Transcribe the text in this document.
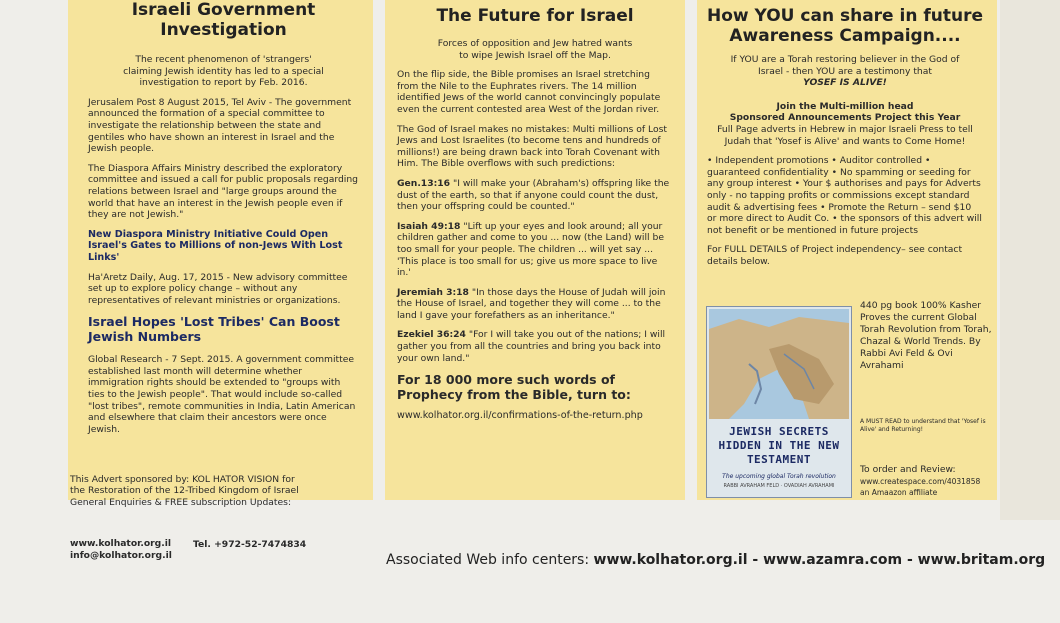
Israeli Government Investigation

The recent phenomenon of 'strangers' claiming Jewish identity has led to a special investigation to report by Feb. 2016.

Jerusalem Post 8 August 2015, Tel Aviv - The government announced the formation of a special committee to investigate the relationship between the state and gentiles who have shown an interest in Israel and the Jewish people.

The Diaspora Affairs Ministry described the exploratory committee and issued a call for public proposals regarding relations between Israel and "large groups around the world that have an interest in the Jewish people even if they are not Jewish."

New Diaspora Ministry Initiative Could Open Israel's Gates to Millions of non-Jews With Lost Links'

Ha'Aretz Daily, Aug. 17, 2015 - New advisory committee set up to explore policy change – without any representatives of relevant ministries or organizations.

Israel Hopes 'Lost Tribes' Can Boost Jewish Numbers

Global Research - 7 Sept. 2015. A government committee established last month will determine whether immigration rights should be extended to "groups with ties to the Jewish people". That would include so-called "lost tribes", remote communities in India, Latin American and elsewhere that claim their ancestors were once Jewish.

This Advert sponsored by: KOL HATOR VISION for the Restoration of the 12-Tribed Kingdom of Israel General Enquiries & FREE subscription Updates:
www.kolhator.org.il
info@kolhator.org.il
Tel. +972-52-7474834
Associated Web info centers: www.kolhator.org.il - www.azamra.com - www.britam.org
The Future for Israel

Forces of opposition and Jew hatred wants to wipe Jewish Israel off the Map.

On the flip side, the Bible promises an Israel stretching from the Nile to the Euphrates rivers. The 14 million identified Jews of the world cannot convincingly populate even the current contested area West of the Jordan river.

The God of Israel makes no mistakes: Multi millions of Lost Jews and Lost Israelites (to become tens and hundreds of millions!) are being drawn back into Torah Covenant with Him. The Bible overflows with such predictions:

Gen.13:16 "I will make your (Abraham's) offspring like the dust of the earth, so that if anyone could count the dust, then your offspring could be counted."

Isaiah 49:18 "Lift up your eyes and look around; all your children gather and come to you ... now (the Land) will be too small for your people. The children ... will yet say ... 'This place is too small for us; give us more space to live in.'

Jeremiah 3:18 "In those days the House of Judah will join the House of Israel, and together they will come ... to the land I gave your forefathers as an inheritance."

Ezekiel 36:24 "For I will take you out of the nations; I will gather you from all the countries and bring you back into your own land."

For 18 000 more such words of Prophecy from the Bible, turn to:

www.kolhator.org.il/confirmations-of-the-return.php

How YOU can share in future Awareness Campaign....

If YOU are a Torah restoring believer in the God of Israel - then YOU are a testimony that

YOSEF IS ALIVE!

Join the Multi-million head

Sponsored Announcements Project this Year

Full Page adverts in Hebrew in major Israeli Press to tell Judah that 'Yosef is Alive' and wants to Come Home!

• Independent promotions • Auditor controlled • guaranteed confidentiality • No spamming or seeding for any group interest • Your $ authorises and pays for Adverts only - no tapping profits or commissions except standard audit & advertising fees • Promote the Return – send $10 or more direct to Audit Co. • the sponsors of this advert will not benefit or be mentioned in future projects

For FULL DETAILS of Project independency– see contact details below.

JEWISH SECRETS HIDDEN IN THE NEW TESTAMENT
The upcoming global Torah revolution
RABBI AVRAHAM FELD · OVADIAH AVRAHAMI
440 pg book 100% Kasher Proves the current Global Torah Revolution from Torah, Chazal & World Trends. By Rabbi Avi Feld & Ovi Avrahami
A MUST READ to understand that 'Yosef is Alive' and Returning!
To order and Review:
www.createspace.com/4031858
an Amaazon affiliate
